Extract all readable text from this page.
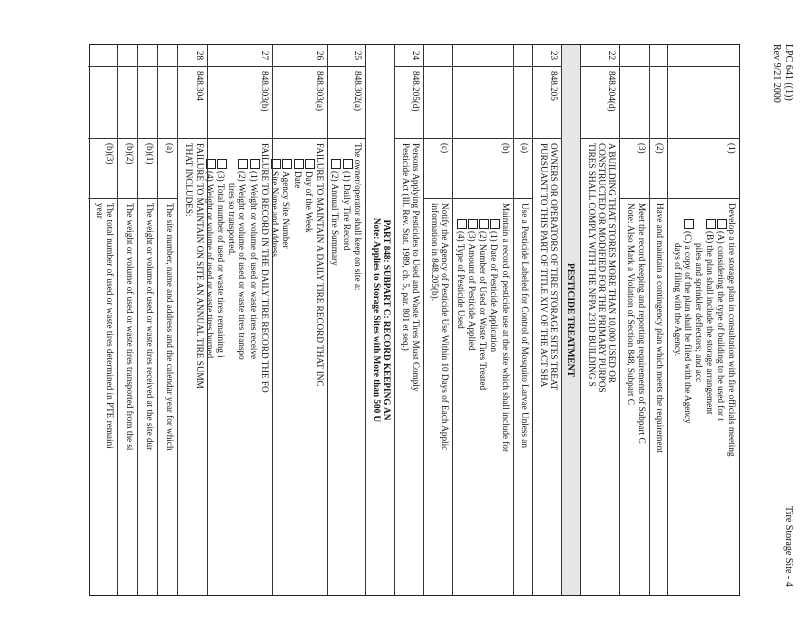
Tire Storage Site - 4
LPC 641 ((1))
Rev 9/21 2000
(1)
Develop a tire storage plan in consultation with fire officials meeting
(A) considering the type of building to be used for t
(B) the plan shall include the storage arrangement
piles and sprinkler deflectors; and acc
(C) a copy of the plan shall be filed with the Agency
days of filing with the Agency.
(2)
Have and maintain a contingency plan which meets the requirement
(3)
Meet the record keeping and reporting requirements of Subpart C
Note: Also Mark a Violation of Section 848, Subpart C
22
848.204(d)
A BUILDING THAT STORES MORE THAN 10,000 USED OR
CONSTRUCTED OR MODIFIED FOR THE PRIMARY PURPOS
TIRES SHALL COMPLY WITH THE NFPA 231D BUILDING S
PESTICIDE TREATMENT
23
848.205
OWNERS OR OPERATORS OF TIRE STORAGE SITES TREAT
PURSUANT TO THIS PART OF TITLE XIV OF THE ACT SHA
(a)
Use a Pesticide Labeled for Control of Mosquito Larvae Unless an
(b)
Maintain a record of pesticide use at the site which shall include for
(1) Date of Pesticide Application
(2) Number of Used or Waste Tires Treated
(3) Amount of Pesticide Applied
(4) Type of Pesticide Used
(c)
Notify the Agency of Pesticide Use Within 10 Days of Each Applic
information in 848.205(b).
24
848.205(d)
Persons Applying Pesticides to Used and Waste Tires Must Comply
Pesticide Act (Ill. Rev. Stat. 1989, ch. 5, par. 801 et seq.)
PART 848: SUBPART C: RECORD KEEPING AN
Note: Applies to Storage Sites with More than 500 U
25
848.302(a)
The owner/operator shall keep on site a:
(1) Daily Tire Record
(2) Annual Tire Summary
26
848.303(a)
FAILURE TO MAINTAIN A DAILY TIRE RECORD THAT INC
Day of the Week
Date
Agency Site Number
Site Name and Address
27
848.303(b)
FAILURE TO RECORD IN THE DAILY TIRE RECORD THE FO
(1) Weight or volume of used or waste tires receive
(2) Weight or volume of used or waste tires transpo
tires so transported.
(3) Total number of used or waste tires remaining i
(4) Weight or volume of used or waste tires burned
28
848.304
FAILURE TO MAINTAIN ON SITE AN ANNUAL TIRE SUMM
THAT INCLUDES:
(a)
The site number, name and address and the calendar year for which
(b)(1)
The weight or volume of used or waste tires received at the site dur
(b)(2)
The weight or volume of used or waste tires transported from the si
(b)(3)
The total number of used or waste tires determined in PTE remaini
year
